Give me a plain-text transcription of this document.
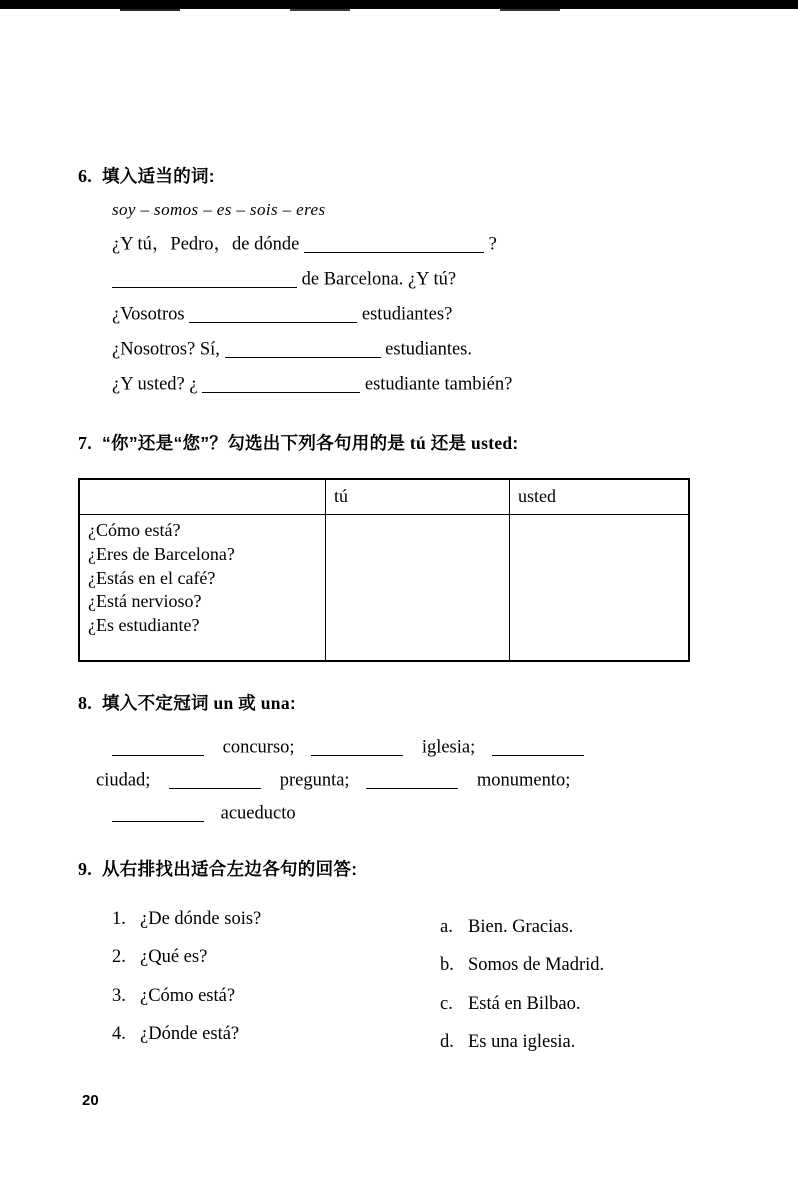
6. 填入适当的词:
soy – somos – es – sois – eres
¿Y tú，Pedro，de dónde	?
de Barcelona. ¿Y tú?
¿Vosotros	estudiantes?
¿Nosotros? Sí,	estudiantes.
¿Y usted? ¿	estudiante también?
7. “你”还是“您”？勾选出下列各句用的是 tú 还是 usted:
	tú	usted

¿Cómo está?
¿Eres de Barcelona?
¿Estás en el café?
¿Está nervioso?
¿Es estudiante?		

8. 填入不定冠词 un 或 una:
concurso;	iglesia;
ciudad;	pregunta;	monumento;
acueducto
9. 从右排找出适合左边各句的回答:
1. ¿De dónde sois?
2. ¿Qué es?
3. ¿Cómo está?
4. ¿Dónde está?
a. Bien. Gracias.
b. Somos de Madrid.
c. Está en Bilbao.
d. Es una iglesia.
20
